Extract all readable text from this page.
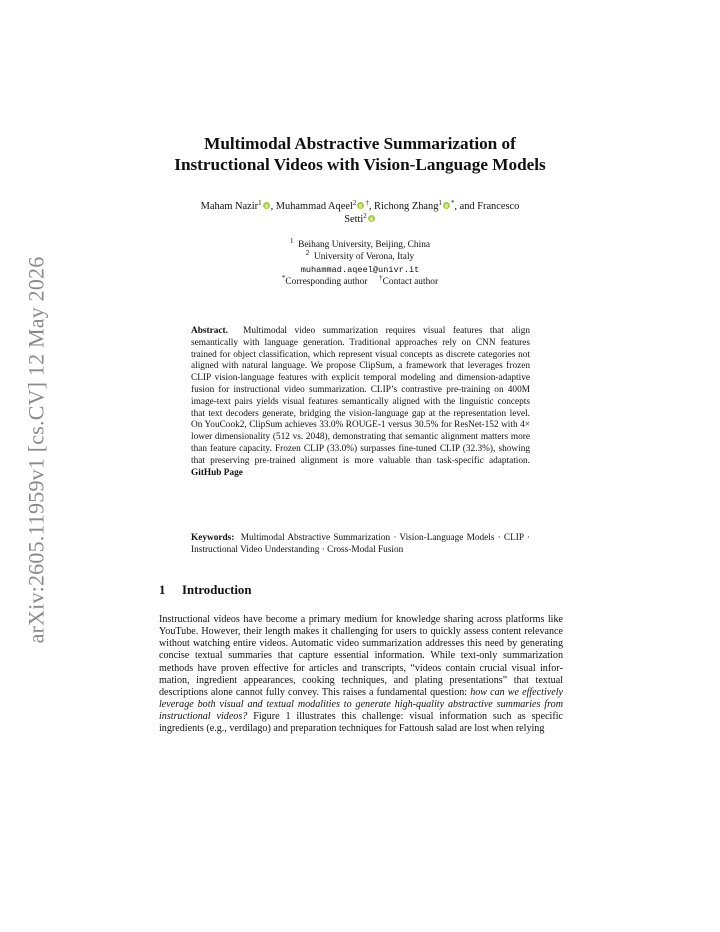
arXiv:2605.11959v1 [cs.CV] 12 May 2026
Multimodal Abstractive Summarization of
Instructional Videos with Vision-Language Models
Maham Nazir$^1$ , Muhammad Aqeel$^2$ †, Richong Zhang$^1$ *, and Francesco
Setti$^2$
$^1$ Beihang University, Beijing, China
$^2$ University of Verona, Italy
muhammad.aqeel@univr.it
*Corresponding author †Contact author
Abstract. Multimodal video summarization requires visual features that align semantically with language generation. Traditional approaches rely on CNN features trained for object classification, which represent visual concepts as discrete categories not aligned with natural language. We propose ClipSum, a framework that leverages frozen CLIP vision-language features with explicit temporal modeling and dimension-adaptive fusion for instructional video summarization. CLIP’s contrastive pre-training on 400M image-text pairs yields visual features semantically aligned with the linguistic concepts that text decoders generate, bridging the vision-language gap at the representation level. On YouCook2, ClipSum achieves 33.0% ROUGE-1 versus 30.5% for ResNet-152 with 4× lower dimensionality (512 vs. 2048), demonstrating that semantic alignment matters more than feature capacity. Frozen CLIP (33.0%) surpasses fine-tuned CLIP (32.3%), showing that preserving pre-trained alignment is more valuable than task-specific adaptation. GitHub Page
Keywords: Multimodal Abstractive Summarization · Vision-Language Models · CLIP · Instructional Video Understanding · Cross-Modal Fusion
1 Introduction
Instructional videos have become a primary medium for knowledge sharing across platforms like YouTube. However, their length makes it challenging for users to quickly assess content relevance without watching entire videos. Automatic video summarization addresses this need by generating concise textual summaries that capture essential information. While text-only summarization methods have proven effective for articles and transcripts, “videos contain crucial visual information, ingredient appearances, cooking techniques, and plating presentations” that textual descriptions alone cannot fully convey. This raises a fundamental question: how can we effectively leverage both visual and textual modalities to generate high-quality abstractive summaries from instructional videos? Figure 1 illustrates this challenge: visual information such as specific ingredients (e.g., verdilago) and preparation techniques for Fattoush salad are lost when relying
